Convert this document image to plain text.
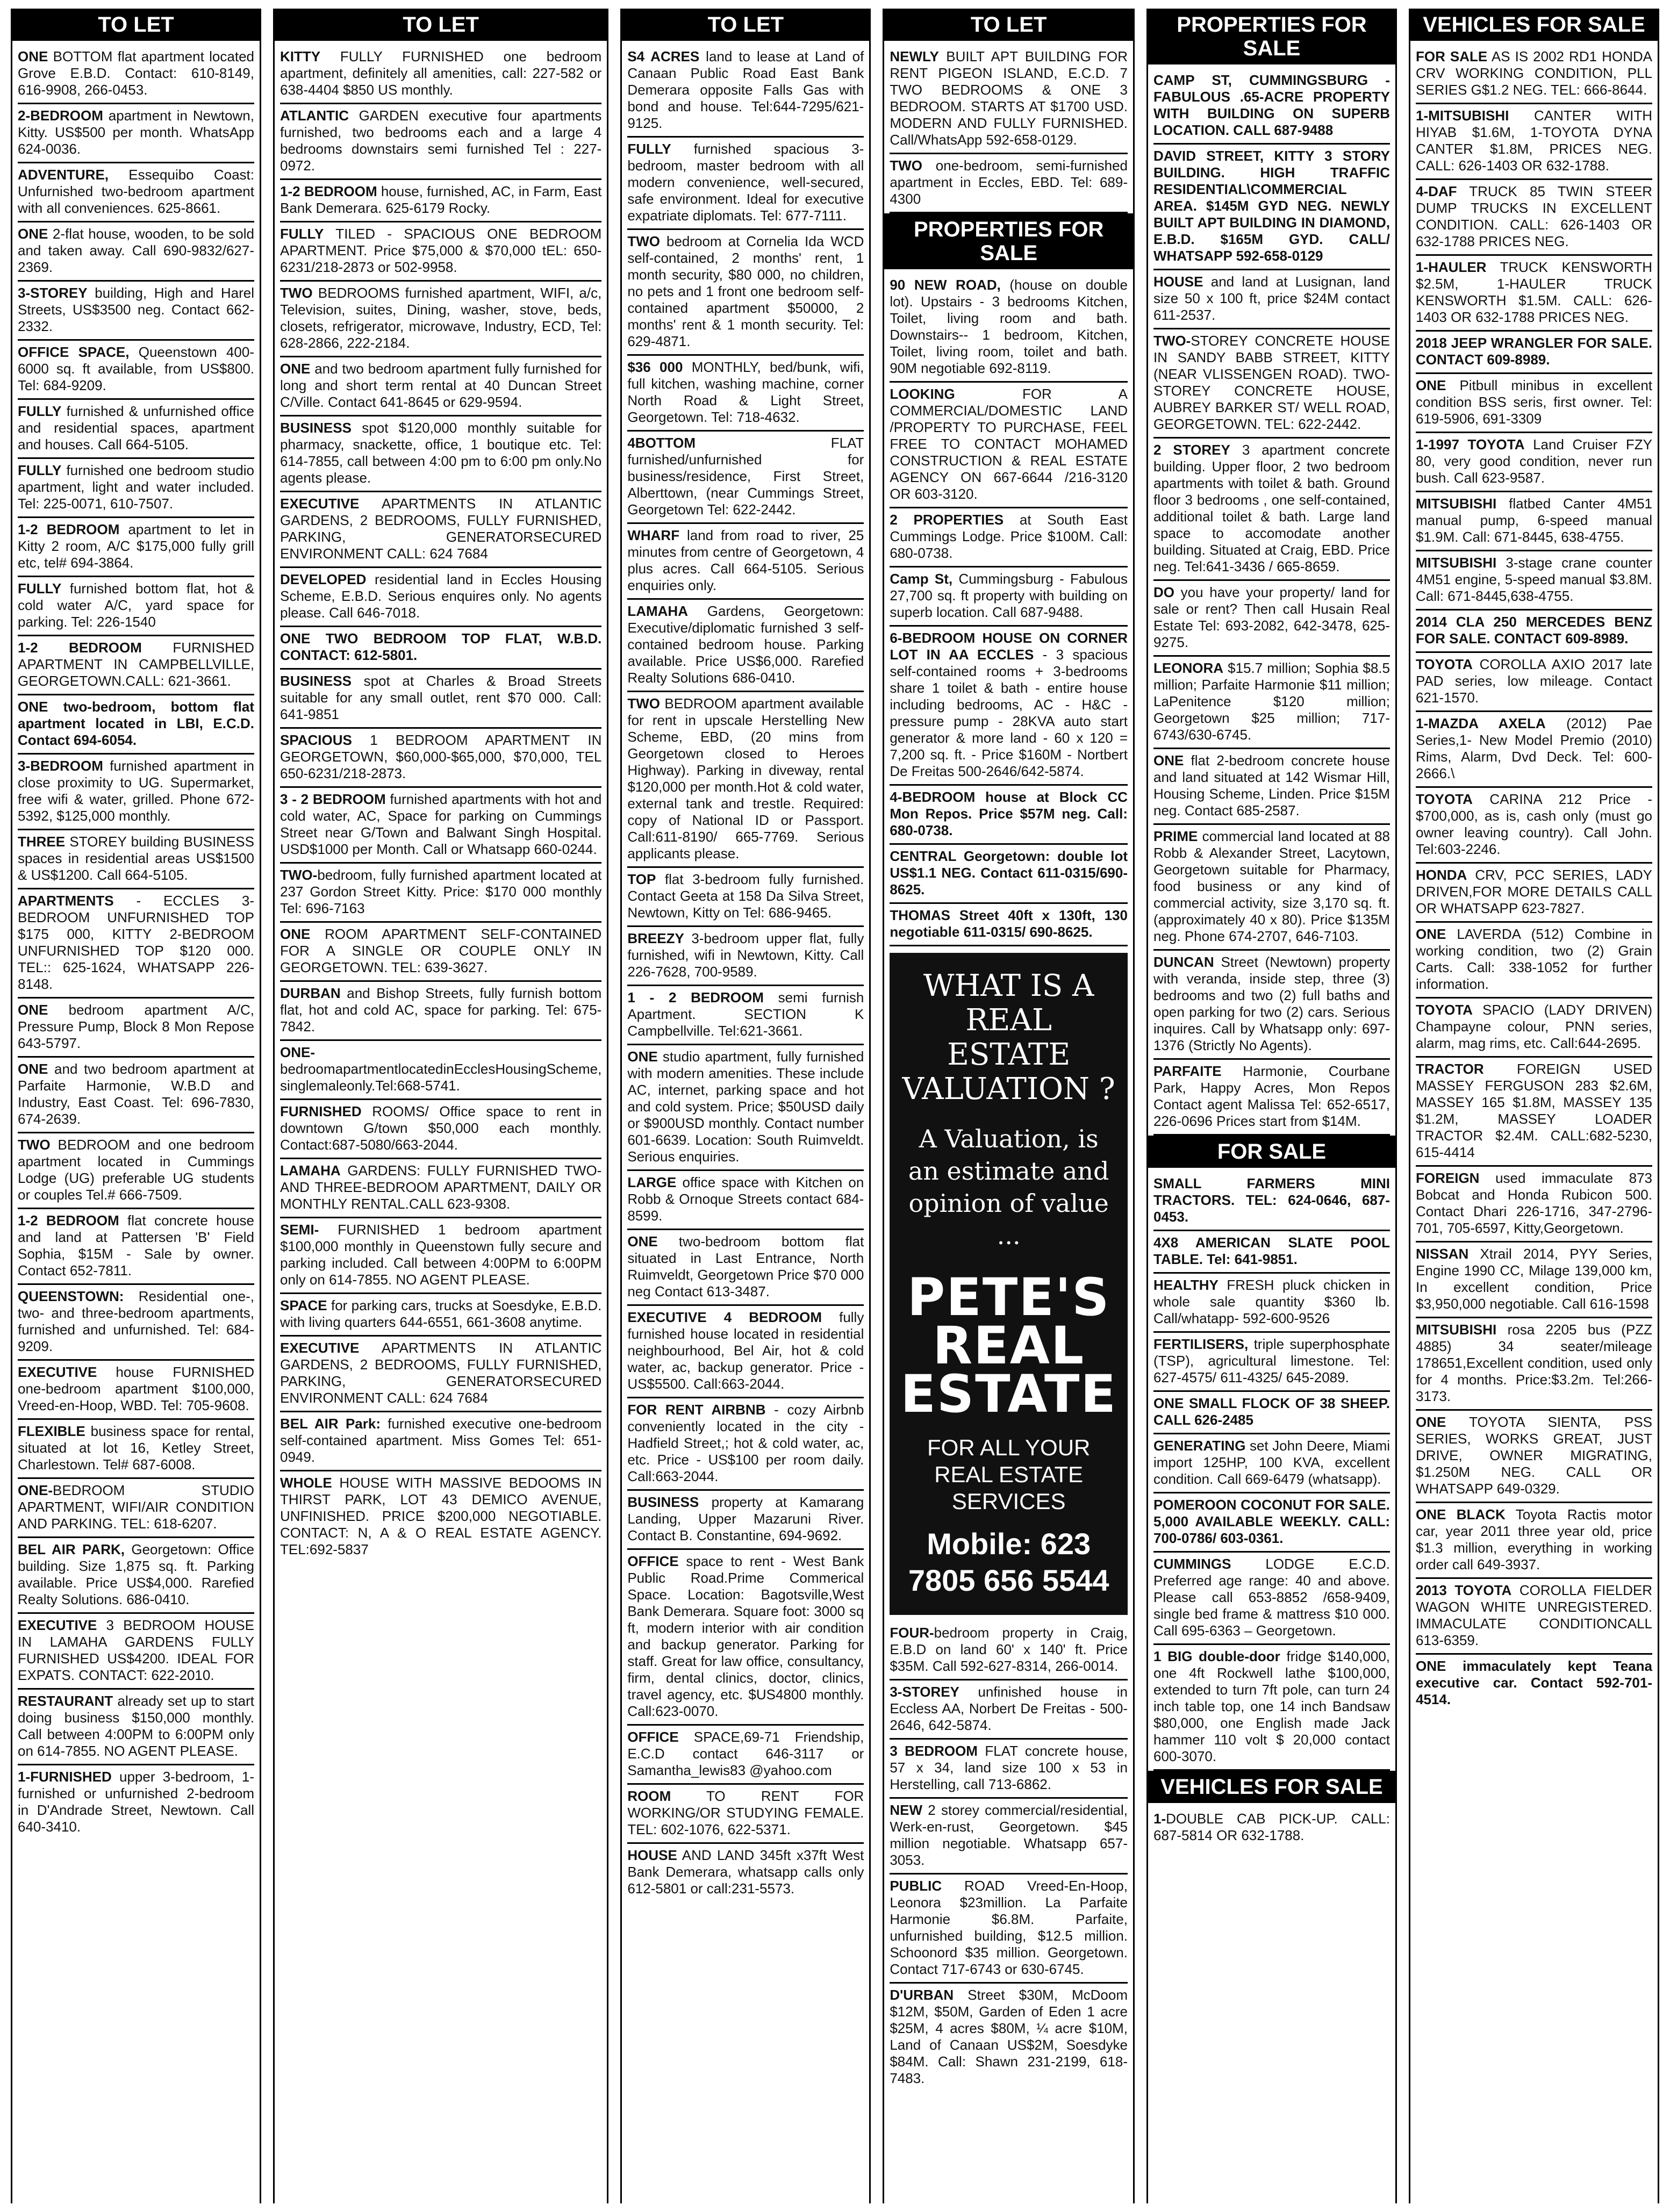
TO LET
ONE BOTTOM flat apartment located Grove E.B.D. Contact: 610-8149, 616-9908, 266-0453.
2-BEDROOM apartment in Newtown, Kitty. US$500 per month. WhatsApp 624-0036.
ADVENTURE, Essequibo Coast: Unfurnished two-bedroom apartment with all conveniences. 625-8661.
ONE 2-flat house, wooden, to be sold and taken away. Call 690-9832/627-2369.
3-STOREY building, High and Harel Streets, US$3500 neg. Contact 662-2332.
OFFICE SPACE, Queenstown 400-6000 sq. ft available, from US$800. Tel: 684-9209.
FULLY furnished & unfurnished office and residential spaces, apartment and houses. Call 664-5105.
FULLY furnished one bedroom studio apartment, light and water included. Tel: 225-0071, 610-7507.
1-2 BEDROOM apartment to let in Kitty 2 room, A/C $175,000 fully grill etc, tel# 694-3864.
FULLY furnished bottom flat, hot & cold water A/C, yard space for parking. Tel: 226-1540
1-2 BEDROOM FURNISHED APARTMENT IN CAMPBELLVILLE, GEORGETOWN.CALL: 621-3661.
ONE two-bedroom, bottom flat apartment located in LBI, E.C.D. Contact 694-6054.
3-BEDROOM furnished apartment in close proximity to UG. Supermarket, free wifi & water, grilled. Phone 672-5392, $125,000 monthly.
THREE STOREY building BUSINESS spaces in residential areas US$1500 & US$1200. Call 664-5105.
APARTMENTS - ECCLES 3-BEDROOM UNFURNISHED TOP $175 000, KITTY 2-BEDROOM UNFURNISHED TOP $120 000. TEL:: 625-1624, WHATSAPP 226-8148.
ONE bedroom apartment A/C, Pressure Pump, Block 8 Mon Repose 643-5797.
ONE and two bedroom apartment at Parfaite Harmonie, W.B.D and Industry, East Coast. Tel: 696-7830, 674-2639.
TWO BEDROOM and one bedroom apartment located in Cummings Lodge (UG) preferable UG students or couples Tel.# 666-7509.
1-2 BEDROOM flat concrete house and land at Pattersen 'B' Field Sophia, $15M - Sale by owner. Contact 652-7811.
QUEENSTOWN: Residential one-, two- and three-bedroom apartments, furnished and unfurnished. Tel: 684-9209.
EXECUTIVE house FURNISHED one-bedroom apartment $100,000, Vreed-en-Hoop, WBD. Tel: 705-9608.
FLEXIBLE business space for rental, situated at lot 16, Ketley Street, Charlestown. Tel# 687-6008.
ONE-BEDROOM STUDIO APARTMENT, WIFI/AIR CONDITION AND PARKING. TEL: 618-6207.
BEL AIR PARK, Georgetown: Office building. Size 1,875 sq. ft. Parking available. Price US$4,000. Rarefied Realty Solutions. 686-0410.
EXECUTIVE 3 BEDROOM HOUSE IN LAMAHA GARDENS FULLY FURNISHED US$4200. IDEAL FOR EXPATS. CONTACT: 622-2010.
RESTAURANT already set up to start doing business $150,000 monthly. Call between 4:00PM to 6:00PM only on 614-7855. NO AGENT PLEASE.
1-FURNISHED upper 3-bedroom, 1-furnished or unfurnished 2-bedroom in D'Andrade Street, Newtown. Call 640-3410.
TO LET
KITTY FULLY FURNISHED one bedroom apartment, definitely all amenities, call: 227-582 or 638-4404 $850 US monthly.
ATLANTIC GARDEN executive four apartments furnished, two bedrooms each and a large 4 bedrooms downstairs semi furnished Tel : 227-0972.
1-2 BEDROOM house, furnished, AC, in Farm, East Bank Demerara. 625-6179 Rocky.
FULLY TILED - SPACIOUS ONE BEDROOM APARTMENT. Price $75,000 & $70,000 tEL: 650-6231/218-2873 or 502-9958.
TWO BEDROOMS furnished apartment, WIFI, a/c, Television, suites, Dining, washer, stove, beds, closets, refrigerator, microwave, Industry, ECD, Tel: 628-2866, 222-2184.
ONE and two bedroom apartment fully furnished for long and short term rental at 40 Duncan Street C/Ville. Contact 641-8645 or 629-9594.
BUSINESS spot $120,000 monthly suitable for pharmacy, snackette, office, 1 boutique etc. Tel: 614-7855, call between 4:00 pm to 6:00 pm only.No agents please.
EXECUTIVE APARTMENTS IN ATLANTIC GARDENS, 2 BEDROOMS, FULLY FURNISHED, PARKING, GENERATORSECURED ENVIRONMENT CALL: 624 7684
DEVELOPED residential land in Eccles Housing Scheme, E.B.D. Serious enquires only. No agents please. Call 646-7018.
ONE TWO BEDROOM TOP FLAT, W.B.D. CONTACT: 612-5801.
BUSINESS spot at Charles & Broad Streets suitable for any small outlet, rent $70 000. Call: 641-9851
SPACIOUS 1 BEDROOM APARTMENT IN GEORGETOWN, $60,000-$65,000, $70,000, TEL 650-6231/218-2873.
3 - 2 BEDROOM furnished apartments with hot and cold water, AC, Space for parking on Cummings Street near G/Town and Balwant Singh Hospital. USD$1000 per Month. Call or Whatsapp 660-0244.
TWO-bedroom, fully furnished apartment located at 237 Gordon Street Kitty. Price: $170 000 monthly Tel: 696-7163
ONE ROOM APARTMENT SELF-CONTAINED FOR A SINGLE OR COUPLE ONLY IN GEORGETOWN. TEL: 639-3627.
DURBAN and Bishop Streets, fully furnish bottom flat, hot and cold AC, space for parking. Tel: 675-7842.
ONE-bedroomapartmentlocatedinEcclesHousingScheme, singlemaleonly.Tel:668-5741.
FURNISHED ROOMS/ Office space to rent in downtown G/town $50,000 each monthly. Contact:687-5080/663-2044.
LAMAHA GARDENS: FULLY FURNISHED TWO- AND THREE-BEDROOM APARTMENT, DAILY OR MONTHLY RENTAL.CALL 623-9308.
SEMI- FURNISHED 1 bedroom apartment $100,000 monthly in Queenstown fully secure and parking included. Call between 4:00PM to 6:00PM only on 614-7855. NO AGENT PLEASE.
SPACE for parking cars, trucks at Soesdyke, E.B.D. with living quarters 644-6551, 661-3608 anytime.
EXECUTIVE APARTMENTS IN ATLANTIC GARDENS, 2 BEDROOMS, FULLY FURNISHED, PARKING, GENERATORSECURED ENVIRONMENT CALL: 624 7684
BEL AIR Park: furnished executive one-bedroom self-contained apartment. Miss Gomes Tel: 651-0949.
WHOLE HOUSE WITH MASSIVE BEDOOMS IN THIRST PARK, LOT 43 DEMICO AVENUE, UNFINISHED. PRICE $200,000 NEGOTIABLE. CONTACT: N, A & O REAL ESTATE AGENCY. TEL:692-5837
TO LET
S4 ACRES land to lease at Land of Canaan Public Road East Bank Demerara opposite Falls Gas with bond and house. Tel:644-7295/621-9125.
FULLY furnished spacious 3-bedroom, master bedroom with all modern convenience, well-secured, safe environment. Ideal for executive expatriate diplomats. Tel: 677-7111.
TWO bedroom at Cornelia Ida WCD self-contained, 2 months' rent, 1 month security, $80 000, no children, no pets and 1 front one bedroom self-contained apartment $50000, 2 months' rent & 1 month security. Tel: 629-4871.
$36 000 MONTHLY, bed/bunk, wifi, full kitchen, washing machine, corner North Road & Light Street, Georgetown. Tel: 718-4632.
4BOTTOM FLAT furnished/unfurnished for business/residence, First Street, Alberttown, (near Cummings Street, Georgetown Tel: 622-2442.
WHARF land from road to river, 25 minutes from centre of Georgetown, 4 plus acres. Call 664-5105. Serious enquiries only.
LAMAHA Gardens, Georgetown: Executive/diplomatic furnished 3 self-contained bedroom house. Parking available. Price US$6,000. Rarefied Realty Solutions 686-0410.
TWO BEDROOM apartment available for rent in upscale Herstelling New Scheme, EBD, (20 mins from Georgetown closed to Heroes Highway). Parking in diveway, rental $120,000 per month.Hot & cold water, external tank and trestle. Required: copy of National ID or Passport. Call:611-8190/ 665-7769. Serious applicants please.
TOP flat 3-bedroom fully furnished. Contact Geeta at 158 Da Silva Street, Newtown, Kitty on Tel: 686-9465.
BREEZY 3-bedroom upper flat, fully furnished, wifi in Newtown, Kitty. Call 226-7628, 700-9589.
1 - 2 BEDROOM semi furnish Apartment. SECTION K Campbellville. Tel:621-3661.
ONE studio apartment, fully furnished with modern amenities. These include AC, internet, parking space and hot and cold system. Price; $50USD daily or $900USD monthly. Contact number 601-6639. Location: South Ruimveldt. Serious enquiries.
LARGE office space with Kitchen on Robb & Ornoque Streets contact 684-8599.
ONE two-bedroom bottom flat situated in Last Entrance, North Ruimveldt, Georgetown Price $70 000 neg Contact 613-3487.
EXECUTIVE 4 BEDROOM fully furnished house located in residential neighbourhood, Bel Air, hot & cold water, ac, backup generator. Price - US$5500. Call:663-2044.
FOR RENT AIRBNB - cozy Airbnb conveniently located in the city - Hadfield Street,; hot & cold water, ac, etc. Price - US$100 per room daily. Call:663-2044.
BUSINESS property at Kamarang Landing, Upper Mazaruni River. Contact B. Constantine, 694-9692.
OFFICE space to rent - West Bank Public Road.Prime Commerical Space. Location: Bagotsville,West Bank Demerara. Square foot: 3000 sq ft, modern interior with air condition and backup generator. Parking for staff. Great for law office, consultancy, firm, dental clinics, doctor, clinics, travel agency, etc. $US4800 monthly. Call:623-0070.
OFFICE SPACE,69-71 Friendship, E.C.D contact 646-3117 or Samantha_lewis83 @yahoo.com
ROOM TO RENT FOR WORKING/OR STUDYING FEMALE. TEL: 602-1076, 622-5371.
HOUSE AND LAND 345ft x37ft West Bank Demerara, whatsapp calls only 612-5801 or call:231-5573.
TO LET
NEWLY BUILT APT BUILDING FOR RENT PIGEON ISLAND, E.C.D. 7 TWO BEDROOMS & ONE 3 BEDROOM. STARTS AT $1700 USD. MODERN AND FULLY FURNISHED. Call/WhatsApp 592-658-0129.
TWO one-bedroom, semi-furnished apartment in Eccles, EBD. Tel: 689-4300
PROPERTIES FOR SALE
90 NEW ROAD, (house on double lot). Upstairs - 3 bedrooms Kitchen, Toilet, living room and bath. Downstairs-- 1 bedroom, Kitchen, Toilet, living room, toilet and bath. 90M negotiable 692-8119.
LOOKING FOR A COMMERCIAL/DOMESTIC LAND /PROPERTY TO PURCHASE, FEEL FREE TO CONTACT MOHAMED CONSTRUCTION & REAL ESTATE AGENCY ON 667-6644 /216-3120 OR 603-3120.
2 PROPERTIES at South East Cummings Lodge. Price $100M. Call: 680-0738.
Camp St, Cummingsburg - Fabulous 27,700 sq. ft property with building on superb location. Call 687-9488.
6-BEDROOM HOUSE ON CORNER LOT IN AA ECCLES - 3 spacious self-contained rooms + 3-bedrooms share 1 toilet & bath - entire house including bedrooms, AC - H&C - pressure pump - 28KVA auto start generator & more land - 60 x 120 = 7,200 sq. ft. - Price $160M - Nortbert De Freitas 500-2646/642-5874.
4-BEDROOM house at Block CC Mon Repos. Price $57M neg. Call: 680-0738.
CENTRAL Georgetown: double lot US$1.1 NEG. Contact 611-0315/690-8625.
THOMAS Street 40ft x 130ft, 130 negotiable 611-0315/ 690-8625.
WHAT IS A REAL ESTATE VALUATION ?
A Valuation, is an estimate and opinion of value ...
PETE'S REAL ESTATE
FOR ALL YOUR REAL ESTATE SERVICES
Mobile: 623 7805 656 5544
FOUR-bedroom property in Craig, E.B.D on land 60' x 140' ft. Price $35M. Call 592-627-8314, 266-0014.
3-STOREY unfinished house in Eccless AA, Norbert De Freitas - 500-2646, 642-5874.
3 BEDROOM FLAT concrete house, 57 x 34, land size 100 x 53 in Herstelling, call 713-6862.
NEW 2 storey commercial/residential, Werk-en-rust, Georgetown. $45 million negotiable. Whatsapp 657-3053.
PUBLIC ROAD Vreed-En-Hoop, Leonora $23million. La Parfaite Harmonie $6.8M. Parfaite, unfurnished building, $12.5 million. Schoonord $35 million. Georgetown. Contact 717-6743 or 630-6745.
D'URBAN Street $30M, McDoom $12M, $50M, Garden of Eden 1 acre $25M, 4 acres $80M, ¼ acre $10M, Land of Canaan US$2M, Soesdyke $84M. Call: Shawn 231-2199, 618-7483.
PROPERTIES FOR SALE
CAMP ST, CUMMINGSBURG - FABULOUS .65-ACRE PROPERTY WITH BUILDING ON SUPERB LOCATION. CALL 687-9488
DAVID STREET, KITTY 3 STORY BUILDING. HIGH TRAFFIC RESIDENTIAL\COMMERCIAL AREA. $145M GYD NEG. NEWLY BUILT APT BUILDING IN DIAMOND, E.B.D. $165M GYD. CALL/ WHATSAPP 592-658-0129
HOUSE and land at Lusignan, land size 50 x 100 ft, price $24M contact 611-2537.
TWO-STOREY CONCRETE HOUSE IN SANDY BABB STREET, KITTY (NEAR VLISSENGEN ROAD). TWO-STOREY CONCRETE HOUSE, AUBREY BARKER ST/ WELL ROAD, GEORGETOWN. TEL: 622-2442.
2 STOREY 3 apartment concrete building. Upper floor, 2 two bedroom apartments with toilet & bath. Ground floor 3 bedrooms , one self-contained, additional toilet & bath. Large land space to accomodate another building. Situated at Craig, EBD. Price neg. Tel:641-3436 / 665-8659.
DO you have your property/ land for sale or rent? Then call Husain Real Estate Tel: 693-2082, 642-3478, 625-9275.
LEONORA $15.7 million; Sophia $8.5 million; Parfaite Harmonie $11 million; LaPenitence $120 million; Georgetown $25 million; 717-6743/630-6745.
ONE flat 2-bedroom concrete house and land situated at 142 Wismar Hill, Housing Scheme, Linden. Price $15M neg. Contact 685-2587.
PRIME commercial land located at 88 Robb & Alexander Street, Lacytown, Georgetown suitable for Pharmacy, food business or any kind of commercial activity, size 3,170 sq. ft. (approximately 40 x 80). Price $135M neg. Phone 674-2707, 646-7103.
DUNCAN Street (Newtown) property with veranda, inside step, three (3) bedrooms and two (2) full baths and open parking for two (2) cars. Serious inquires. Call by Whatsapp only: 697-1376 (Strictly No Agents).
PARFAITE Harmonie, Courbane Park, Happy Acres, Mon Repos Contact agent Malissa Tel: 652-6517, 226-0696 Prices start from $14M.
FOR SALE
SMALL FARMERS MINI TRACTORS. TEL: 624-0646, 687-0453.
4X8 AMERICAN SLATE POOL TABLE. Tel: 641-9851.
HEALTHY FRESH pluck chicken in whole sale quantity $360 lb. Call/whatapp- 592-600-9526
FERTILISERS, triple superphosphate (TSP), agricultural limestone. Tel: 627-4575/ 611-4325/ 645-2089.
ONE SMALL FLOCK OF 38 SHEEP. CALL 626-2485
GENERATING set John Deere, Miami import 125HP, 100 KVA, excellent condition. Call 669-6479 (whatsapp).
POMEROON COCONUT FOR SALE. 5,000 AVAILABLE WEEKLY. CALL: 700-0786/ 603-0361.
CUMMINGS LODGE E.C.D. Preferred age range: 40 and above. Please call 653-8852 /658-9409, single bed frame & mattress $10 000. Call 695-6363 – Georgetown.
1 BIG double-door fridge $140,000, one 4ft Rockwell lathe $100,000, extended to turn 7ft pole, can turn 24 inch table top, one 14 inch Bandsaw $80,000, one English made Jack hammer 110 volt $ 20,000 contact 600-3070.
VEHICLES FOR SALE
1-DOUBLE CAB PICK-UP. CALL: 687-5814 OR 632-1788.
VEHICLES FOR SALE
FOR SALE AS IS 2002 RD1 HONDA CRV WORKING CONDITION, PLL SERIES G$1.2 NEG. TEL: 666-8644.
1-MITSUBISHI CANTER WITH HIYAB $1.6M, 1-TOYOTA DYNA CANTER $1.8M, PRICES NEG. CALL: 626-1403 OR 632-1788.
4-DAF TRUCK 85 TWIN STEER DUMP TRUCKS IN EXCELLENT CONDITION. CALL: 626-1403 OR 632-1788 PRICES NEG.
1-HAULER TRUCK KENSWORTH $2.5M, 1-HAULER TRUCK KENSWORTH $1.5M. CALL: 626-1403 OR 632-1788 PRICES NEG.
2018 JEEP WRANGLER FOR SALE. CONTACT 609-8989.
ONE Pitbull minibus in excellent condition BSS seris, first owner. Tel: 619-5906, 691-3309
1-1997 TOYOTA Land Cruiser FZY 80, very good condition, never run bush. Call 623-9587.
MITSUBISHI flatbed Canter 4M51 manual pump, 6-speed manual $1.9M. Call: 671-8445, 638-4755.
MITSUBISHI 3-stage crane counter 4M51 engine, 5-speed manual $3.8M. Call: 671-8445,638-4755.
2014 CLA 250 MERCEDES BENZ FOR SALE. CONTACT 609-8989.
TOYOTA COROLLA AXIO 2017 late PAD series, low mileage. Contact 621-1570.
1-MAZDA AXELA (2012) Pae Series,1- New Model Premio (2010) Rims, Alarm, Dvd Deck. Tel: 600-2666.\
TOYOTA CARINA 212 Price - $700,000, as is, cash only (must go owner leaving country). Call John. Tel:603-2246.
HONDA CRV, PCC SERIES, LADY DRIVEN,FOR MORE DETAILS CALL OR WHATSAPP 623-7827.
ONE LAVERDA (512) Combine in working condition, two (2) Grain Carts. Call: 338-1052 for further information.
TOYOTA SPACIO (LADY DRIVEN) Champayne colour, PNN series, alarm, mag rims, etc. Call:644-2695.
TRACTOR FOREIGN USED MASSEY FERGUSON 283 $2.6M, MASSEY 165 $1.8M, MASSEY 135 $1.2M, MASSEY LOADER TRACTOR $2.4M. CALL:682-5230, 615-4414
FOREIGN used immaculate 873 Bobcat and Honda Rubicon 500. Contact Dhari 226-1716, 347-2796-701, 705-6597, Kitty,Georgetown.
NISSAN Xtrail 2014, PYY Series, Engine 1990 CC, Milage 139,000 km, In excellent condition, Price $3,950,000 negotiable. Call 616-1598
MITSUBISHI rosa 2205 bus (PZZ 4885) 34 seater/mileage 178651,Excellent condition, used only for 4 months. Price:$3.2m. Tel:266-3173.
ONE TOYOTA SIENTA, PSS SERIES, WORKS GREAT, JUST DRIVE, OWNER MIGRATING, $1.250M NEG. CALL OR WHATSAPP 649-0329.
ONE BLACK Toyota Ractis motor car, year 2011 three year old, price $1.3 million, everything in working order call 649-3937.
2013 TOYOTA COROLLA FIELDER WAGON WHITE UNREGISTERED. IMMACULATE CONDITIONCALL 613-6359.
ONE immaculately kept Teana executive car. Contact 592-701-4514.
